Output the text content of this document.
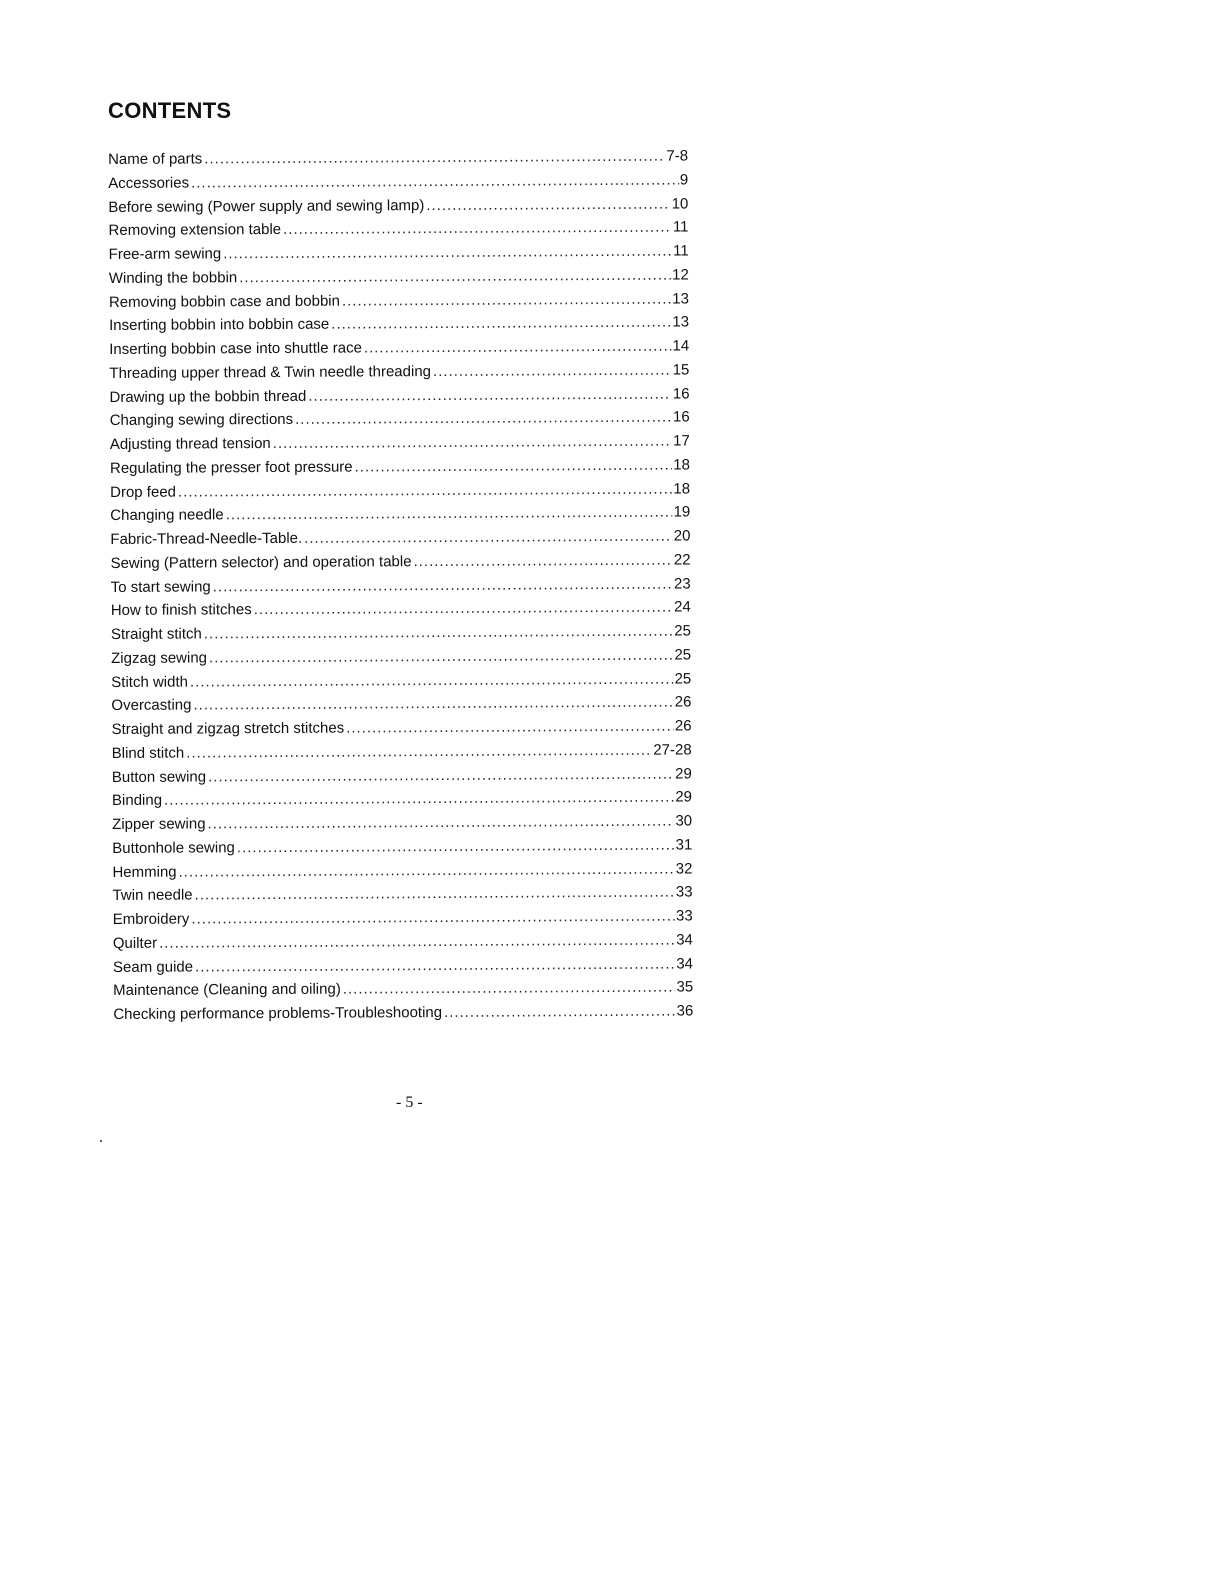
CONTENTS
Name of parts .....	7-8
Accessories .....	9
Before sewing (Power supply and sewing lamp) .....	10
Removing extension table .....	11
Free-arm sewing .....	11
Winding the bobbin .....	12
Removing bobbin case and bobbin .....	13
Inserting bobbin into bobbin case .....	13
Inserting bobbin case into shuttle race .....	14
Threading upper thread & Twin needle threading .....	15
Drawing up the bobbin thread .....	16
Changing sewing directions .....	16
Adjusting thread tension .....	17
Regulating the presser foot pressure .....	18
Drop feed .....	18
Changing needle .....	19
Fabric-Thread-Needle-Table. .....	20
Sewing (Pattern selector) and operation table .....	22
To start sewing .....	23
How to finish stitches .....	24
Straight stitch .....	25
Zigzag sewing .....	25
Stitch width .....	25
Overcasting .....	26
Straight and zigzag stretch stitches .....	26
Blind stitch .....	27-28
Button sewing .....	29
Binding .....	29
Zipper sewing .....	30
Buttonhole sewing .....	31
Hemming .....	32
Twin needle .....	33
Embroidery .....	33
Quilter .....	34
Seam guide .....	34
Maintenance (Cleaning and oiling) .....	35
Checking performance problems-Troubleshooting .....	36
- 5 -
